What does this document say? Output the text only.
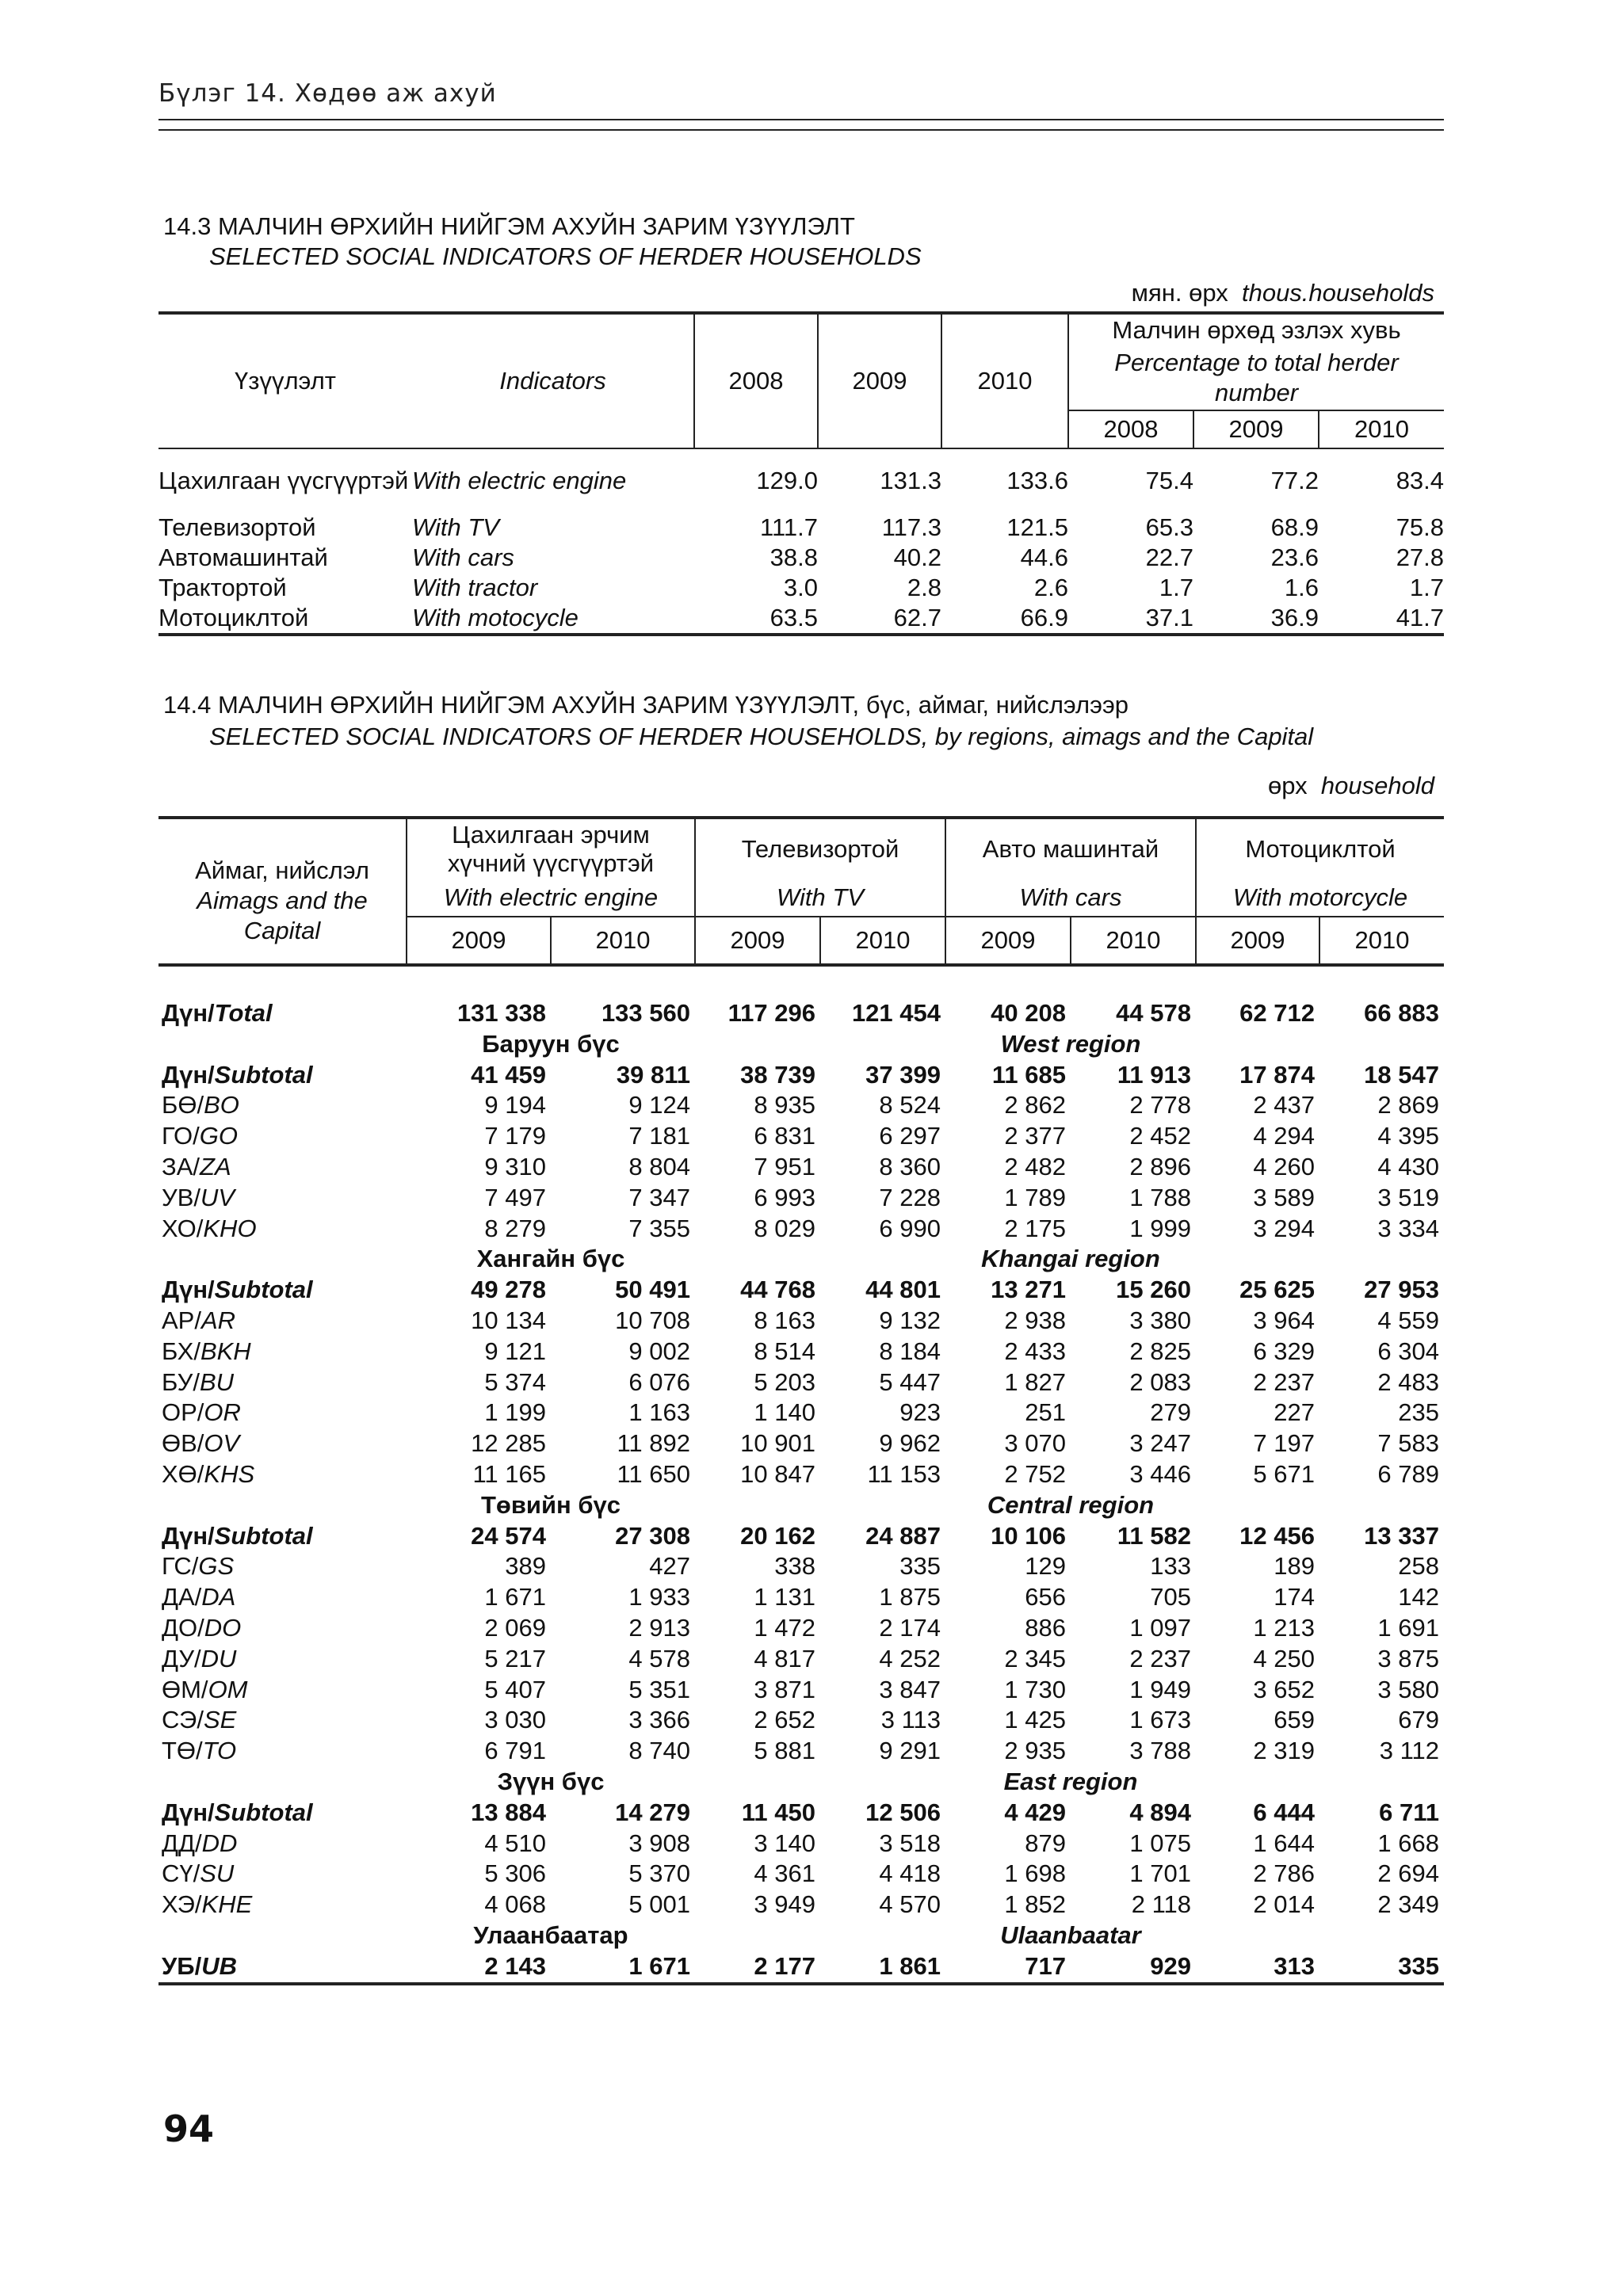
Бүлэг 14. Хөдөө аж ахуй
14.3 МАЛЧИН ӨРХИЙН НИЙГЭМ АХУЙН ЗАРИМ ҮЗҮҮЛЭЛТ
SELECTED SOCIAL INDICATORS OF HERDER HOUSEHOLDS
мян. өрх thous.households
Үзүүлэлт	Indicators	2008	2009	2010	Малчин өрхөд эзлэх хувь		
					Percentage to total herder number		
					2008	2009	2010
Цахилгаан үүсгүүртэй	With electric engine	129.0	131.3	133.6	75.4	77.2	83.4
Телевизортой	With TV	111.7	117.3	121.5	65.3	68.9	75.8
Автомашинтай	With cars	38.8	40.2	44.6	22.7	23.6	27.8
Трактортой	With tractor	3.0	2.8	2.6	1.7	1.6	1.7
Мотоциклтой	With motocycle	63.5	62.7	66.9	37.1	36.9	41.7
14.4 МАЛЧИН ӨРХИЙН НИЙГЭМ АХУЙН ЗАРИМ ҮЗҮҮЛЭЛТ, бүс, аймаг, нийслэлээр
SELECTED SOCIAL INDICATORS OF HERDER HOUSEHOLDS, by regions, aimags and the Capital
өрх household
Аймаг, нийслэл
Aimags and the Capital	Цахилгаан эрчим хүчний үүсгүүртэй		Телевизортой		Авто машинтай		Мотоциклтой	
	With electric engine		With TV		With cars		With motorcycle	
	2009	2010	2009	2010	2009	2010	2009	2010

Дүн/Total	131 338	133 560	117 296	121 454	40 208	44 578	62 712	66 883
	Баруун бүс				West region			
Дүн/Subtotal	41 459	39 811	38 739	37 399	11 685	11 913	17 874	18 547
БӨ/BO	9 194	9 124	8 935	8 524	2 862	2 778	2 437	2 869
ГО/GO	7 179	7 181	6 831	6 297	2 377	2 452	4 294	4 395
ЗА/ZA	9 310	8 804	7 951	8 360	2 482	2 896	4 260	4 430
УВ/UV	7 497	7 347	6 993	7 228	1 789	1 788	3 589	3 519
ХО/KHO	8 279	7 355	8 029	6 990	2 175	1 999	3 294	3 334
	Хангайн бүс				Khangai region			
Дүн/Subtotal	49 278	50 491	44 768	44 801	13 271	15 260	25 625	27 953
АР/AR	10 134	10 708	8 163	9 132	2 938	3 380	3 964	4 559
БХ/BKH	9 121	9 002	8 514	8 184	2 433	2 825	6 329	6 304
БУ/BU	5 374	6 076	5 203	5 447	1 827	2 083	2 237	2 483
ОР/OR	1 199	1 163	1 140	923	251	279	227	235
ӨВ/OV	12 285	11 892	10 901	9 962	3 070	3 247	7 197	7 583
ХӨ/KHS	11 165	11 650	10 847	11 153	2 752	3 446	5 671	6 789
	Төвийн бүс				Central region			
Дүн/Subtotal	24 574	27 308	20 162	24 887	10 106	11 582	12 456	13 337
ГС/GS	389	427	338	335	129	133	189	258
ДА/DA	1 671	1 933	1 131	1 875	656	705	174	142
ДО/DO	2 069	2 913	1 472	2 174	886	1 097	1 213	1 691
ДУ/DU	5 217	4 578	4 817	4 252	2 345	2 237	4 250	3 875
ӨМ/OM	5 407	5 351	3 871	3 847	1 730	1 949	3 652	3 580
СЭ/SE	3 030	3 366	2 652	3 113	1 425	1 673	659	679
ТӨ/TO	6 791	8 740	5 881	9 291	2 935	3 788	2 319	3 112
	Зүүн бүс				East region			
Дүн/Subtotal	13 884	14 279	11 450	12 506	4 429	4 894	6 444	6 711
ДД/DD	4 510	3 908	3 140	3 518	879	1 075	1 644	1 668
СҮ/SU	5 306	5 370	4 361	4 418	1 698	1 701	2 786	2 694
ХЭ/KHE	4 068	5 001	3 949	4 570	1 852	2 118	2 014	2 349
	Улаанбаатар				Ulaanbaatar			
УБ/UB	2 143	1 671	2 177	1 861	717	929	313	335
94
